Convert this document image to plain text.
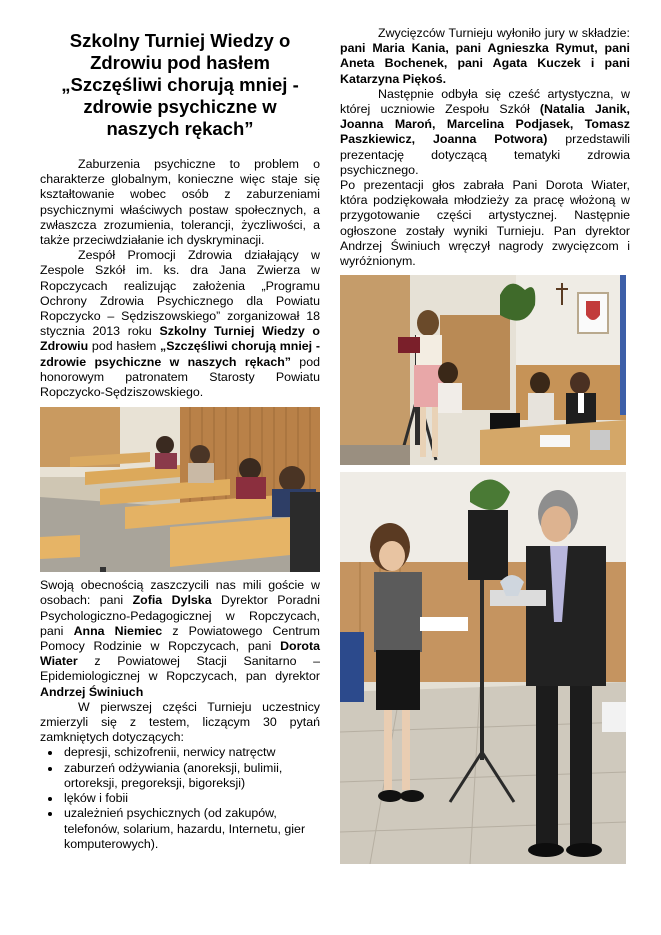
Szkolny Turniej Wiedzy o
Zdrowiu pod hasłem
„Szczęśliwi chorują mniej -
zdrowie psychiczne w
naszych rękach”

Zaburzenia psychiczne to problem o charakterze globalnym, konieczne więc staje się kształtowanie wobec osób z zaburzeniami psychicznymi właściwych postaw społecznych, a zwłaszcza zrozumienia, tolerancji, życzliwości, a także przeciwdziałanie ich dyskryminacji.

Zespół Promocji Zdrowia działający w Zespole Szkół im. ks. dra Jana Zwierza w Ropczycach realizując założenia „Programu Ochrony Zdrowia Psychicznego dla Powiatu Ropczycko – Sędziszowskiego” zorganizował 18 stycznia 2013 roku Szkolny Turniej Wiedzy o Zdrowiu pod hasłem „Szczęśliwi chorują mniej - zdrowie psychiczne w naszych rękach” pod honorowym patronatem Starosty Powiatu Ropczycko-Sędziszowskiego.

Swoją obecnością zaszczycili nas mili goście w osobach: pani Zofia Dylska Dyrektor Poradni Psychologiczno-Pedagogicznej w Ropczycach, pani Anna Niemiec z Powiatowego Centrum Pomocy Rodzinie w Ropczycach, pani Dorota Wiater z Powiatowej Stacji Sanitarno – Epidemiologicznej w Ropczycach, pan dyrektor Andrzej Świniuch

W pierwszej części Turnieju uczestnicy zmierzyli się z testem, liczącym 30 pytań zamkniętych dotyczących:

• depresji, schizofrenii, nerwicy natręctw
• zaburzeń odżywiania (anoreksji, bulimii, ortoreksji, pregoreksji, bigoreksji)
• lęków i fobii
• uzależnień psychicznych (od zakupów, telefonów, solarium, hazardu, Internetu, gier komputerowych).

Zwycięzców Turnieju wyłoniło jury w składzie: pani Maria Kania, pani Agnieszka Rymut, pani Aneta Bochenek, pani Agata Kuczek i pani Katarzyna Piękoś.

Następnie odbyła się cześć artystyczna, w której uczniowie Zespołu Szkół (Natalia Janik, Joanna Maroń, Marcelina Podjasek, Tomasz Paszkiewicz, Joanna Potwora) przedstawili prezentację dotyczącą tematyki zdrowia psychicznego.

Po prezentacji głos zabrała Pani Dorota Wiater, która podziękowała młodzieży za pracę włożoną w przygotowanie części artystycznej. Następnie ogłoszone zostały wyniki Turnieju. Pan dyrektor Andrzej Świniuch wręczył nagrody zwycięzcom i wyróżnionym.
